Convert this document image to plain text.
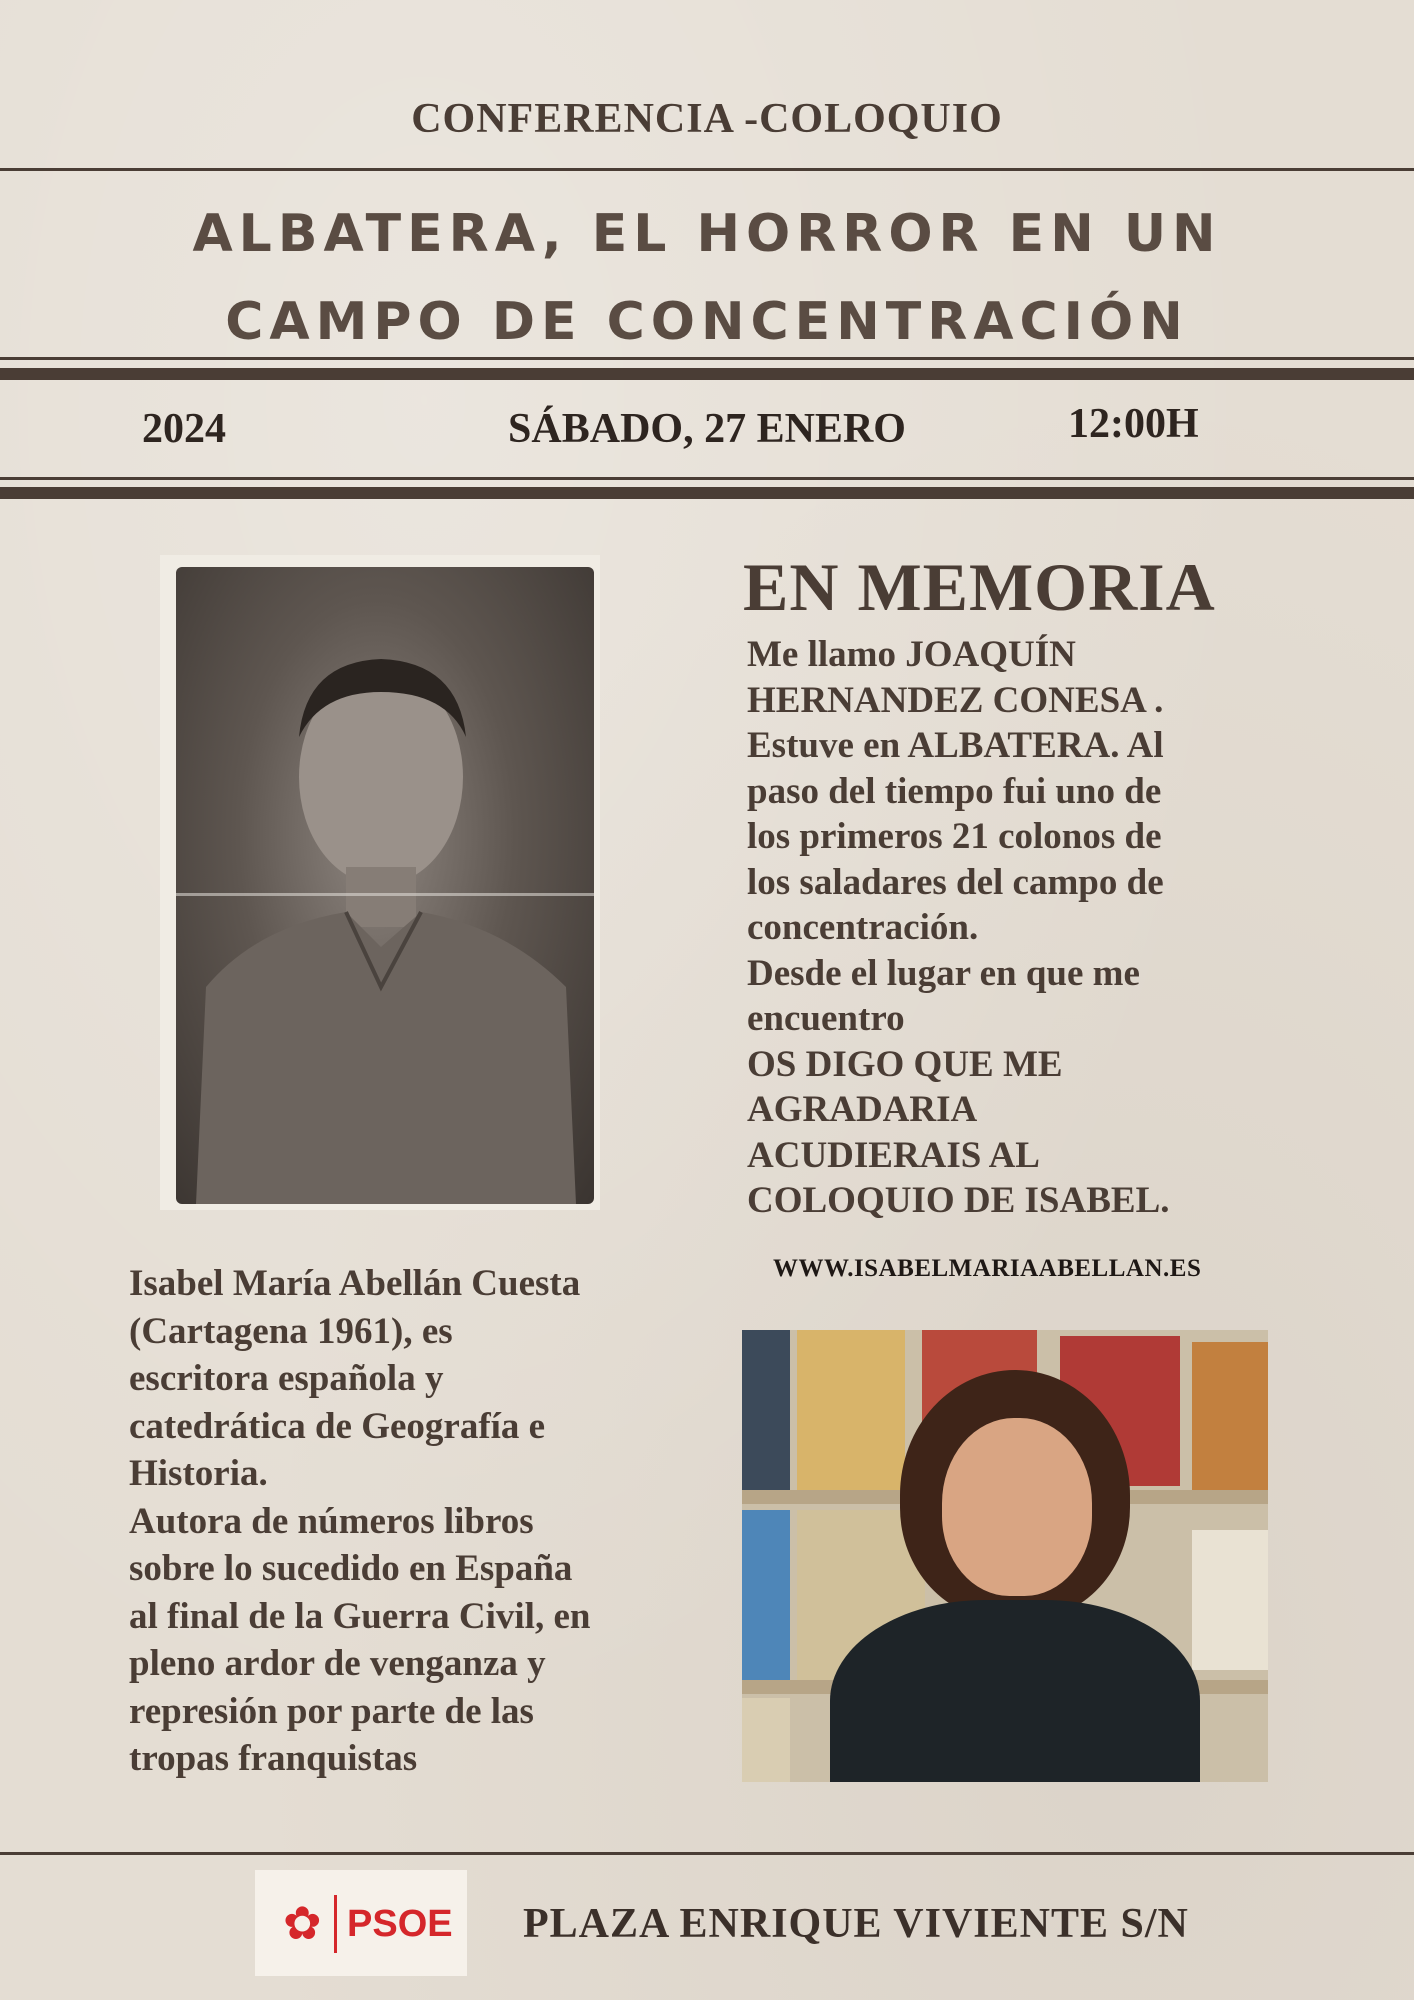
CONFERENCIA -COLOQUIO
ALBATERA, EL HORROR EN UN
CAMPO DE CONCENTRACIÓN
2024	SÁBADO, 27 ENERO	12:00H
EN MEMORIA

Me llamo JOAQUÍN

HERNANDEZ CONESA .

Estuve en ALBATERA. Al

paso del tiempo fui uno de

los primeros 21 colonos de

los saladares del campo de

concentración.

Desde el lugar en que me

encuentro

OS DIGO QUE ME

AGRADARIA

ACUDIERAIS AL

COLOQUIO DE ISABEL.

WWW.ISABELMARIAABELLAN.ES

Isabel María Abellán Cuesta

(Cartagena 1961), es

escritora española y

catedrática de Geografía e

Historia.

Autora de números libros

sobre lo sucedido en España

al final de la Guerra Civil, en

pleno ardor de venganza y

represión por parte de las

tropas franquistas

✿ PSOE PLAZA ENRIQUE VIVIENTE S/N
